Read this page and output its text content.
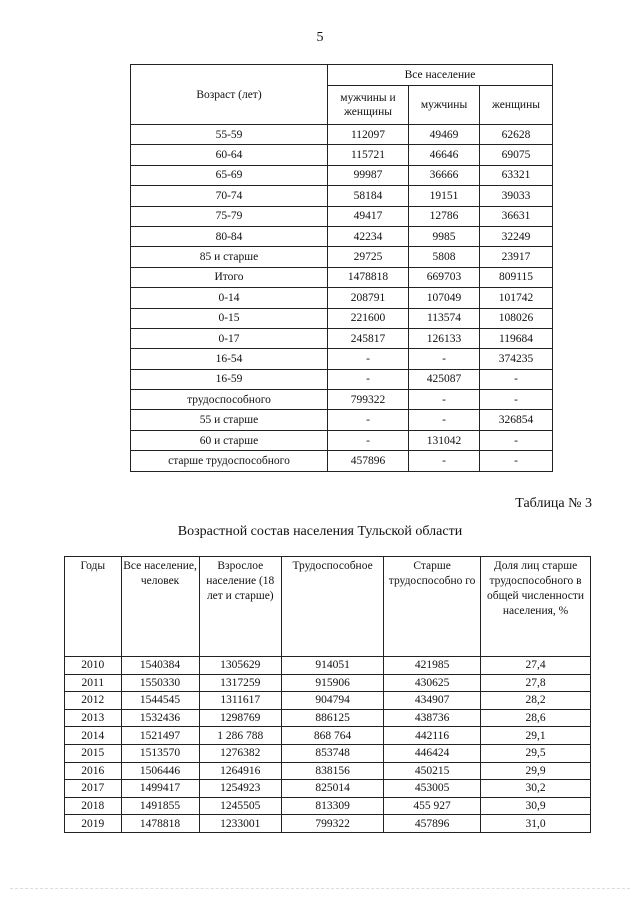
5
Возраст (лет)	Все население		
	мужчины и женщины	мужчины	женщины
55-59	112097	49469	62628
60-64	115721	46646	69075
65-69	99987	36666	63321
70-74	58184	19151	39033
75-79	49417	12786	36631
80-84	42234	9985	32249
85 и старше	29725	5808	23917
Итого	1478818	669703	809115
0-14	208791	107049	101742
0-15	221600	113574	108026
0-17	245817	126133	119684
16-54	-	-	374235
16-59	-	425087	-
трудоспособного	799322	-	-
55 и старше	-	-	326854
60 и старше	-	131042	-
старше трудоспособного	457896	-	-
Таблица № 3
Возрастной состав населения Тульской области
Годы	Все население, человек	Взрослое население (18 лет и старше)	Трудоспособное	Старше трудоспособно го	Доля лиц старше трудоспособного в общей численности населения, %
2010	1540384	1305629	914051	421985	27,4
2011	1550330	1317259	915906	430625	27,8
2012	1544545	1311617	904794	434907	28,2
2013	1532436	1298769	886125	438736	28,6
2014	1521497	1 286 788	868 764	442116	29,1
2015	1513570	1276382	853748	446424	29,5
2016	1506446	1264916	838156	450215	29,9
2017	1499417	1254923	825014	453005	30,2
2018	1491855	1245505	813309	455 927	30,9
2019	1478818	1233001	799322	457896	31,0
